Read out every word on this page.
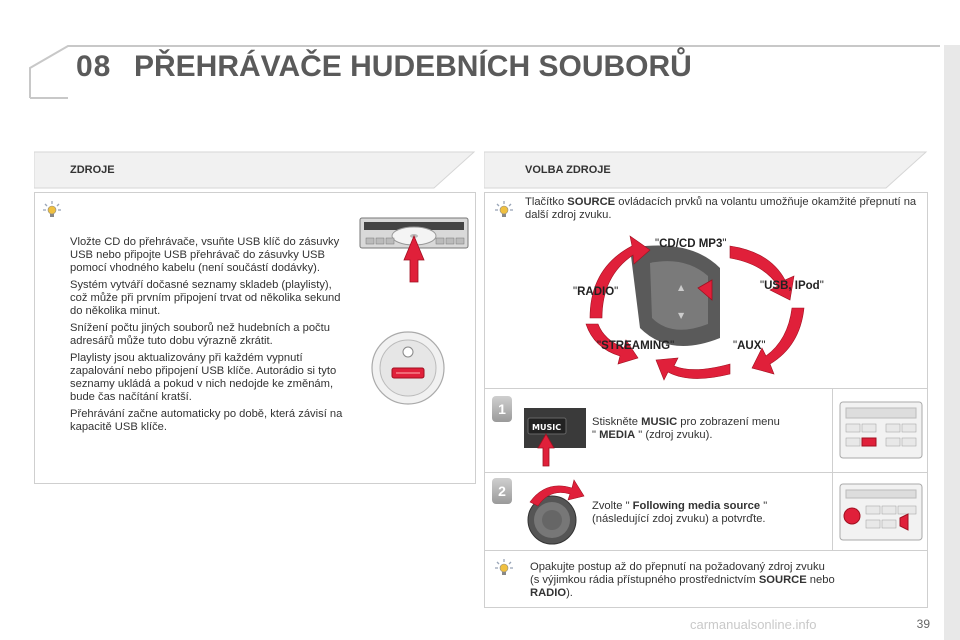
08 PŘEHRÁVAČE HUDEBNÍCH SOUBORŮ
ZDROJE

Vložte CD do přehrávače, vsuňte USB klíč do zásuvky USB nebo připojte USB přehrávač do zásuvky USB pomocí vhodného kabelu (není součástí dodávky).

Systém vytváří dočasné seznamy skladeb (playlisty), což může při prvním připojení trvat od několika sekund do několika minut.

Snížení počtu jiných souborů než hudebních a počtu adresářů může tuto dobu výrazně zkrátit.

Playlisty jsou aktualizovány při každém vypnutí zapalování nebo připojení USB klíče. Autorádio si tyto seznamy ukládá a pokud v nich nedojde ke změnám, bude čas načítání kratší.

Přehrávání začne automaticky po době, která závisí na kapacitě USB klíče.

VOLBA ZDROJE
Tlačítko SOURCE ovládacích prvků na volantu umožňuje okamžité přepnutí na další zdroj zvuku.
▲
▼
"CD/CD MP3"
"USB, IPod"
"AUX"
"STREAMING"
"RADIO"
1
MUSIC	Stiskněte MUSIC pro zobrazení menu
" MEDIA " (zdroj zvuku).
2
Zvolte " Following media source "
(následující zdoj zvuku) a potvrďte.
Opakujte postup až do přepnutí na požadovaný zdroj zvuku
(s výjimkou rádia přístupného prostřednictvím SOURCE nebo
RADIO).
carmanualsonline.info	39
